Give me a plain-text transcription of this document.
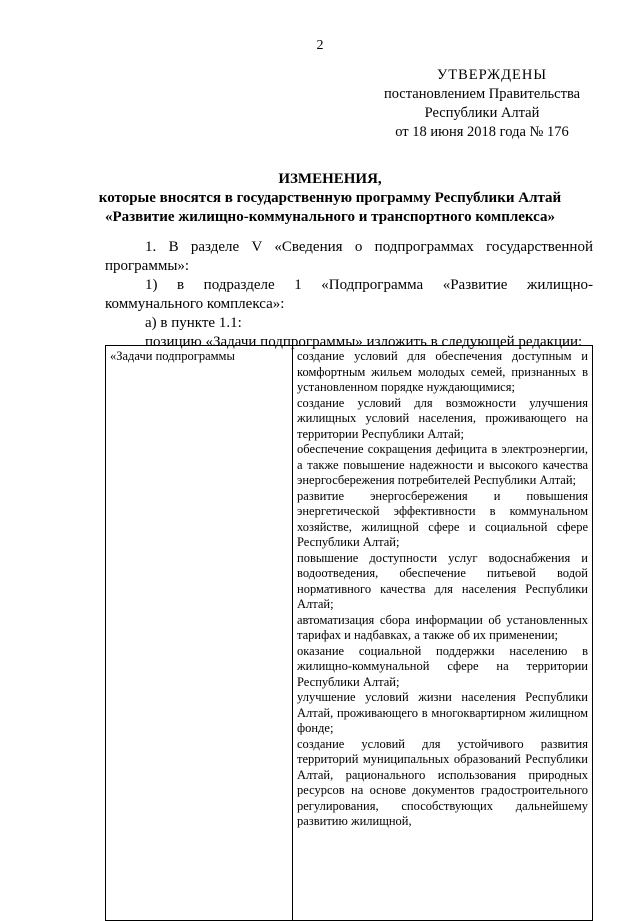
2
УТВЕРЖДЕНЫ
постановлением Правительства
Республики Алтай
от 18 июня 2018 года № 176
ИЗМЕНЕНИЯ,
которые вносятся в государственную программу Республики Алтай
«Развитие жилищно-коммунального и транспортного комплекса»

1. В разделе V «Сведения о подпрограммах государственной программы»:

1) в подразделе 1 «Подпрограмма «Развитие жилищно-коммунального комплекса»:

а) в пункте 1.1:

позицию «Задачи подпрограммы» изложить в следующей редакции:

«Задачи подпрограммы	создание условий для обеспечения доступным и комфортным жильем молодых семей, признанных в установленном порядке нуждающимися;
создание условий для возможности улучшения жилищных условий населения, проживающего на территории Республики Алтай;
обеспечение сокращения дефицита в электроэнергии, а также повышение надежности и высокого качества энергосбережения потребителей Республики Алтай;
развитие энергосбережения и повышения энергетической эффективности в коммунальном хозяйстве, жилищной сфере и социальной сфере Республики Алтай;
повышение доступности услуг водоснабжения и водоотведения, обеспечение питьевой водой нормативного качества для населения Республики Алтай;
автоматизация сбора информации об установленных тарифах и надбавках, а также об их применении;
оказание социальной поддержки населению в жилищно-коммунальной сфере на территории Республики Алтай;
улучшение условий жизни населения Республики Алтай, проживающего в многоквартирном жилищном фонде;
создание условий для устойчивого развития территорий муниципальных образований Республики Алтай, рационального использования природных ресурсов на основе документов градостроительного регулирования, способствующих дальнейшему развитию жилищной,
